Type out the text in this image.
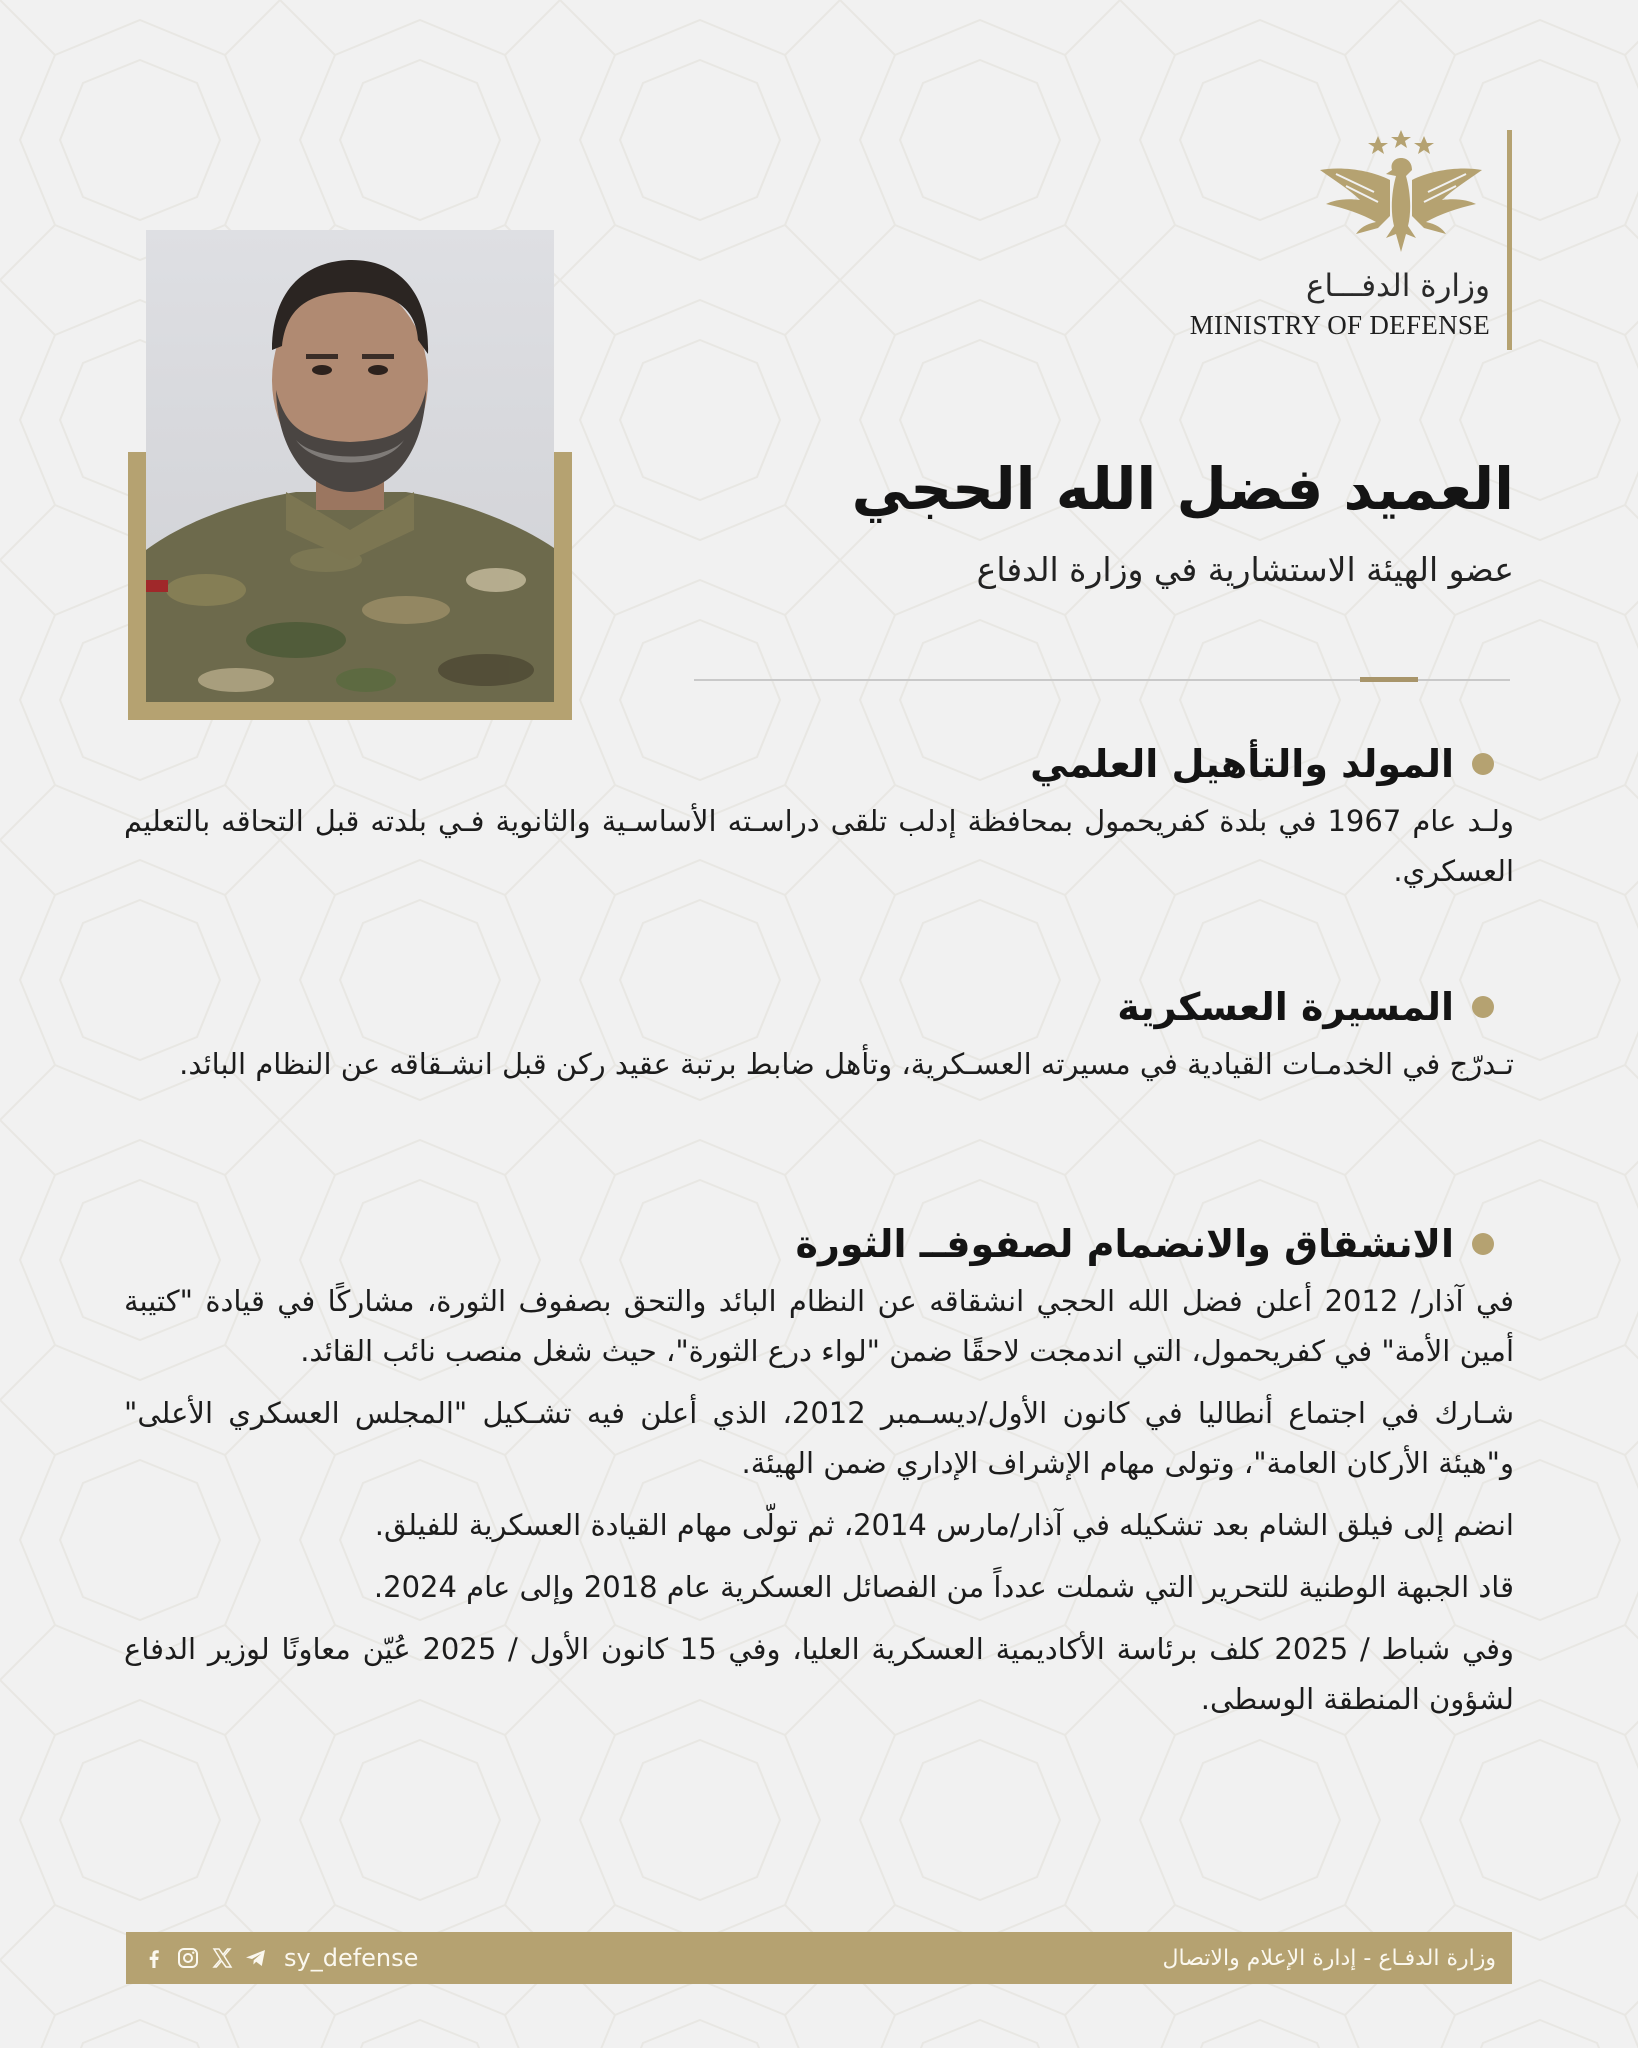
وزارة الدفـــاع
MINISTRY OF DEFENSE
العميد فضل الله الحجي
عضو الهيئة الاستشارية في وزارة الدفاع
المولد والتأهيل العلمي

ولـد عام 1967 في بلدة كفريحمول بمحافظة إدلب تلقى دراسـته الأساسـية والثانوية فـي بلدته قبل التحاقه بالتعليم العسكري.

المسيرة العسكرية

تـدرّج في الخدمـات القيادية في مسيرته العسـكرية، وتأهل ضابط برتبة عقيد ركن قبل انشـقاقه عن النظام البائد.

الانشقاق والانضمام لصفوفــ الثورة

في آذار/ 2012 أعلن فضل الله الحجي انشقاقه عن النظام البائد والتحق بصفوف الثورة، مشاركًا في قيادة "كتيبة أمين الأمة" في كفريحمول، التي اندمجت لاحقًا ضمن "لواء درع الثورة"، حيث شغل منصب نائب القائد.

شـارك في اجتماع أنطاليا في كانون الأول/ديسـمبر 2012، الذي أعلن فيه تشـكيل "المجلس العسكري الأعلى" و"هيئة الأركان العامة"، وتولى مهام الإشراف الإداري ضمن الهيئة.

انضم إلى فيلق الشام بعد تشكيله في آذار/مارس 2014، ثم تولّى مهام القيادة العسكرية للفيلق.

قاد الجبهة الوطنية للتحرير التي شملت عدداً من الفصائل العسكرية عام 2018 وإلى عام 2024.

وفي شباط / 2025 كلف برئاسة الأكاديمية العسكرية العليا، وفي 15 كانون الأول / 2025 عُيّن معاونًا لوزير الدفاع لشؤون المنطقة الوسطى.

sy_defense	وزارة الدفـاع - إدارة الإعلام والاتصال
